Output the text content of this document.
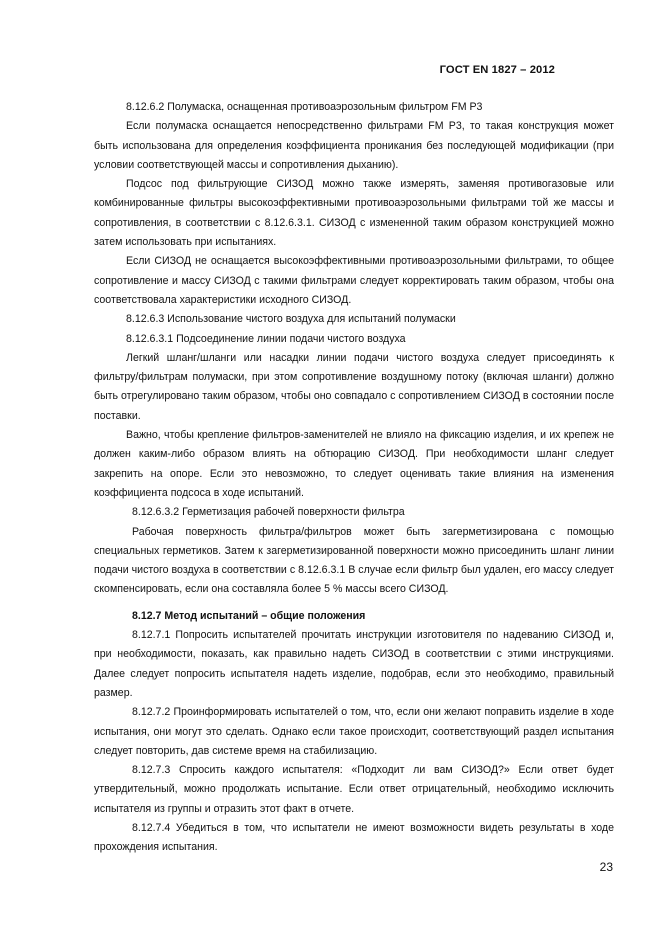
ГОСТ EN 1827 – 2012

8.12.6.2 Полумаска, оснащенная противоаэрозольным фильтром FM P3

Если полумаска оснащается непосредственно фильтрами FM P3, то такая конструкция может быть использована для определения коэффициента проникания без последующей модификации (при условии соответствующей массы и сопротивления дыханию).

Подсос под фильтрующие СИЗОД можно также измерять, заменяя противогазовые или комбинированные фильтры высокоэффективными противоаэрозольными фильтрами той же массы и сопротивления, в соответствии с 8.12.6.3.1. СИЗОД с измененной таким образом конструкцией можно затем использовать при испытаниях.

Если СИЗОД не оснащается высокоэффективными противоаэрозольными фильтрами, то общее сопротивление и массу СИЗОД с такими фильтрами следует корректировать таким образом, чтобы она соответствовала характеристики исходного СИЗОД.

8.12.6.3 Использование чистого воздуха для испытаний полумаски

8.12.6.3.1 Подсоединение линии подачи чистого воздуха

Легкий шланг/шланги или насадки линии подачи чистого воздуха следует присоединять к фильтру/фильтрам полумаски, при этом сопротивление воздушному потоку (включая шланги) должно быть отрегулировано таким образом, чтобы оно совпадало с сопротивлением СИЗОД в состоянии после поставки.

Важно, чтобы крепление фильтров-заменителей не влияло на фиксацию изделия, и их крепеж не должен каким-либо образом влиять на обтюрацию СИЗОД. При необходимости шланг следует закрепить на опоре. Если это невозможно, то следует оценивать такие влияния на изменения коэффициента подсоса в ходе испытаний.

8.12.6.3.2 Герметизация рабочей поверхности фильтра

Рабочая поверхность фильтра/фильтров может быть загерметизирована с помощью специальных герметиков. Затем к загерметизированной поверхности можно присоединить шланг линии подачи чистого воздуха в соответствии с 8.12.6.3.1 В случае если фильтр был удален, его массу следует скомпенсировать, если она составляла более 5 % массы всего СИЗОД.

8.12.7 Метод испытаний – общие положения

8.12.7.1 Попросить испытателей прочитать инструкции изготовителя по надеванию СИЗОД и, при необходимости, показать, как правильно надеть СИЗОД в соответствии с этими инструкциями. Далее следует попросить испытателя надеть изделие, подобрав, если это необходимо, правильный размер.

8.12.7.2 Проинформировать испытателей о том, что, если они желают поправить изделие в ходе испытания, они могут это сделать. Однако если такое происходит, соответствующий раздел испытания следует повторить, дав системе время на стабилизацию.

8.12.7.3 Спросить каждого испытателя: «Подходит ли вам СИЗОД?» Если ответ будет утвердительный, можно продолжать испытание. Если ответ отрицательный, необходимо исключить испытателя из группы и отразить этот факт в отчете.

8.12.7.4 Убедиться в том, что испытатели не имеют возможности видеть результаты в ходе прохождения испытания.

23
